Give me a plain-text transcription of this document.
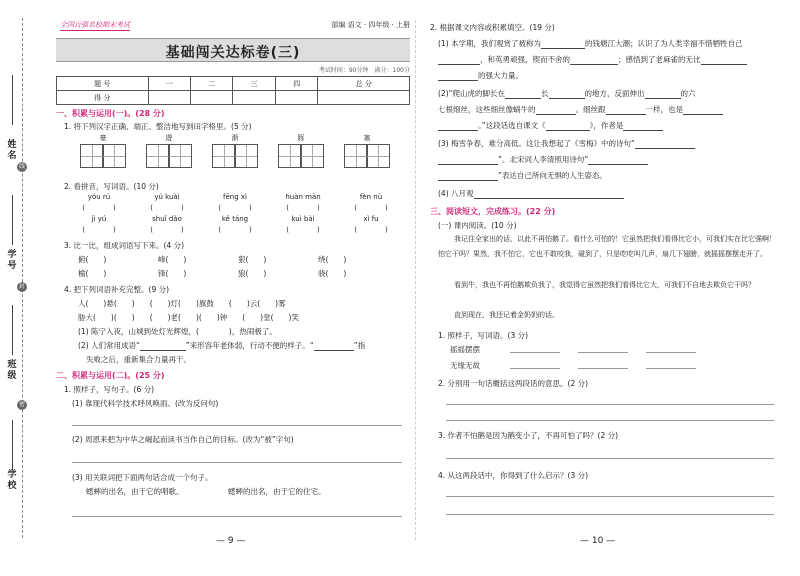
姓名
线
学号
封
班级
密
学校
全国百强名校期末考试	部编 语文 · 四年级 · 上册
基础闯关达标卷(三)
考试时间：90分钟　满分：100分
题 号	一	二	三	四	总 分
得 分					
一、积累与运用(一)。(28 分)
1. 将下列汉字正确、端正、整洁地写到田字格里。(5 分)
豪	遊	渐	豚	塞
2. 看拼音，写词语。(10 分)
yóu rú	yú kuài	fēng xì	huàn màn	fèn nù
(　　　　)	(　　　　)	(　　　　)	(　　　　)	(　　　　)
jì yú	shuǐ dǎo	kě táng	kuì bài	xì fu
(　　　　)	(　　　　)	(　　　　)	(　　　　)	(　　　　)
3. 比一比，组成词语写下来。(4 分)
俯(　　)	峰(　　)	狠(　　)	绕(　　)
榆(　　)	锋(　　)	狼(　　)	骁(　　)
4. 把下列词语补充完整。(9 分)
人(　　)悬(　　)　　(　　)灯(　　)旗鼓　　(　　)云(　　)雾
胁大(　　)(　　)　　(　　)老(　　)(　　)钟　　(　　)堂(　　)笑
(1) 陈宁入夜，山城到处灯光辉煌，(　　　　)，热闹极了。
(2) 人们常用成语“	”来形容年老体弱，行动不便的样子。“	”指
失败之后，重新集合力量再干。
二、积累与运用(二)。(25 分)
1. 照样子，写句子。(6 分)
(1) 靠现代科学技术呼风唤雨。(改为反问句)
(2) 周恩来把为中华之崛起而读书当作自己的目标。(改为“被”字句)
(3) 用关联词把下面两句话合成一个句子。
蟋蟀的出名，由于它的唱歌。	蟋蟀的出名，由于它的住宅。
— 9 —
2. 根据课文内容或积累填空。(19 分)
(1) 本学期，我们观赏了被称为	的钱塘江大潮；认识了为人类幸福不惜牺牲自己
，和英勇顽强，锲而不舍的	；感悟到了老麻雀的无比
的强大力量。
(2)“爬山虎的脚长在	长	的地方，反面伸出	的六
七根细丝，这些细丝像蜗牛的	。细丝跟	一样，也是
。”这段话选自课文《	》，作者是
(3) 梅雪争春，难分高低。这让我想起了《雪梅》中的诗句“
”。北宋词人李清照用诗句“
”表达自己所向无惧的人生姿态。
(4) 八月观
三、阅读短文，完成练习。(22 分)
(一) 课内阅读。(10 分)
我记住全家出的话，以此不再怕鹅了。看什么可怕的！它虽然把我们看得比它小，可我们实在比它强啊！怕它干吗？果然，我不怕它，它也不敢咬我，碰到了，只是吃吃叫几声，扇几下翅膀，就摇摇摆摆走开了。
看到牛，我也不再怕鹅欺负我了，我觉得它虽然把我们看得比它大，可我们不自地去欺负它干吗？
直到现在，我还记着金奶奶的话。
1. 照样子，写词语。(3 分)
摇摇摆摆
无缘无故
2. 分别用一句话概括这两段话的意思。(2 分)
3. 作者不怕鹅是因为鹅变小了，不再可怕了吗？(2 分)
4. 从这两段话中，你得到了什么启示？(3 分)
— 10 —
